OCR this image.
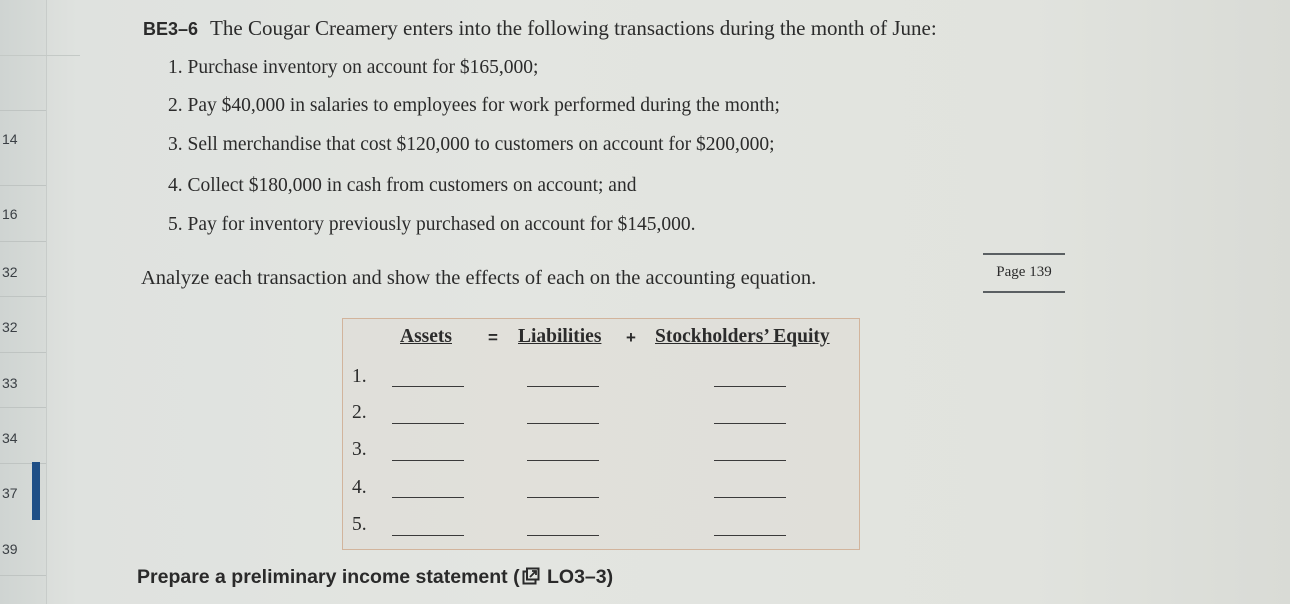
14
16
32
32
33
34
37
39
BE3–6 The Cougar Creamery enters into the following transactions during the month of June:
1. Purchase inventory on account for $165,000;
2. Pay $40,000 in salaries to employees for work performed during the month;
3. Sell merchandise that cost $120,000 to customers on account for $200,000;
4. Collect $180,000 in cash from customers on account; and
5. Pay for inventory previously purchased on account for $145,000.
Analyze each transaction and show the effects of each on the accounting equation.	Page 139
Assets = Liabilities + Stockholders’ Equity
1.
2.
3.
4.
5.
Prepare a preliminary income statement ( LO3–3)
